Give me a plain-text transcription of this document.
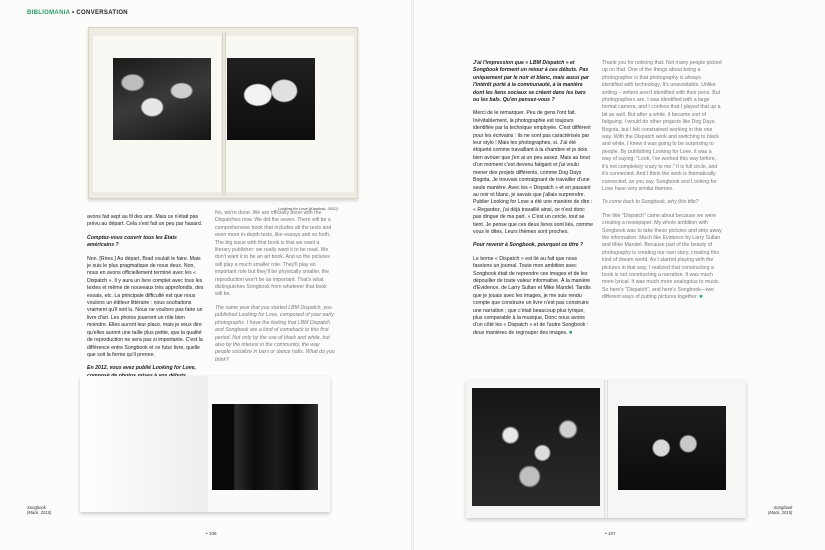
BIBLIOMANIA • CONVERSATION
Looking for Love (Kaminsk, 2012)

avons fait sept au fil des ans. Mais ce n'était pas prévu au départ. Cela s'est fait un peu par hasard.

Comptez-vous couvrir tous les Etats américains ?

Non. [Rires.] Au départ, Brad voulait le faire. Mais je suis le plus pragmatique de nous deux. Non, nous en avons officiellement terminé avec les « Dispatch ». Il y aura un livre complet avec tous les textes et même de nouveaux très approfondis, des essais, etc. La principale difficulté est que nous voulons un éditeur littéraire : nous souhaitons vraiment qu'il soit lu. Nous ne voulons pas faire un livre d'art. Les photos joueront un rôle bien moindre. Elles auront leur place, mais je veux dire qu'elles auront une taille plus petite, que la qualité de reproduction ne sera pas si importante. C'est la différence entre Songbook et ce futur livre, quelle que soit la forme qu'il prenne.

En 2012, vous avez publié Looking for Love,

No, we're done. We are officially done with the Dispatches now. We did the seven. There will be a comprehensive book that includes all the texts and even more in-depth texts, like essays and so forth. The big issue with that book is that we want a literary publisher: we really want it to be read. We don't want it to be an art book. And so the pictures will play a much smaller role. They'll play an important role but they'll be physically smaller, the reproduction won't be as important. That's what distinguishes Songbook from whatever that book will be.

The same year that you started LBM Dispatch, you published Looking for Love, composed of your early photographs. I have the feeling that LBM Dispatch and Songbook are a kind of comeback to this first period. Not only by the use of black and white, but also by the interest in the community, the way people socialize in bars or dance halls. What do you think?

J'ai l'impression que « LBM Dispatch » et Songbook forment un retour à ces débuts. Pas uniquement par le noir et blanc, mais aussi par l'intérêt porté à la communauté, à la manière dont les liens sociaux se créent dans les bars ou les bals. Qu'en pensez-vous ?

Merci de le remarquer. Peu de gens l'ont fait. Inévitablement, la photographie est toujours identifiée par la technique employée. C'est différent pour les écrivains : ils ne sont pas caractérisés par leur stylo ! Mais les photographes, si. J'ai été étiqueté comme travaillant à la chambre et je dois bien avouer que j'en ai un peu assez. Mais au bout d'un moment c'est devenu fatigant et j'ai voulu mener des projets différents, comme Dog Days Bogota. Je trouvais contraignant de travailler d'une seule manière. Avec les « Dispatch » et en passant au noir et blanc, je savais que j'allais surprendre. Publier Looking for Love a été une manière de dire : « Regardez, j'ai déjà travaillé ainsi, ce n'est donc pas dingue de ma part. » C'est un cercle, tout se tient. Je pense que ces deux livres sont liés, comme vous le dites. Leurs thèmes sont proches.

Pour revenir à Songbook, pourquoi ce titre ?

Le terme « Dispatch » est lié au fait que nous fassions un journal. Toute mon ambition avec Songbook était de reprendre ces images et de les dépouiller de toute valeur informative. À la manière d'Evidence, de Larry Sultan et Mike Mandel. Tandis que je jouais avec les images, je me suis rendu compte que construire un livre n'est pas construire une narration ; que c'était beaucoup plus lyrique, plus comparable à la musique. Donc nous avons d'un côté les « Dispatch » et de l'autre Songbook : deux manières de regrouper des images. ■

Thank you for noticing that. Not many people picked up on that. One of the things about being a photographer is that photography is always identified with technology. It's unavoidable. Unlike writing – writers aren't identified with their pens. But photographers are. I was identified with a large format camera, and I confess that I played that up a bit as well. But after a while, it became sort of fatiguing. I would do other projects like Dog Days Bogota, but I felt constrained working in this one way. With the Dispatch work and switching to black and white, I knew it was going to be surprising to people. By publishing Looking for Love, it was a way of saying: "Look, I've worked this way before, it's not completely crazy to me." It is full circle, and it's connected. And I think the work is thematically connected, as you say. Songbook and Looking for Love have very similar themes.

To come back to Songbook, why this title?

The title "Dispatch" came about because we were creating a newspaper. My whole ambition with Songbook was to take these pictures and strip away the information. Much like Evidence by Larry Sultan and Mike Mandel. Because part of the beauty of photography is creating our own story, creating this kind of dream world. As I started playing with the pictures in that way, I realized that constructing a book is not constructing a narrative. It was much more lyrical. It was much more analogous to music. So here's "Dispatch", and here's Songbook—two different ways of putting pictures together. ■

Songbook
(Mack, 2015)
Songbook
(Mack, 2015)
• 106	• 107
